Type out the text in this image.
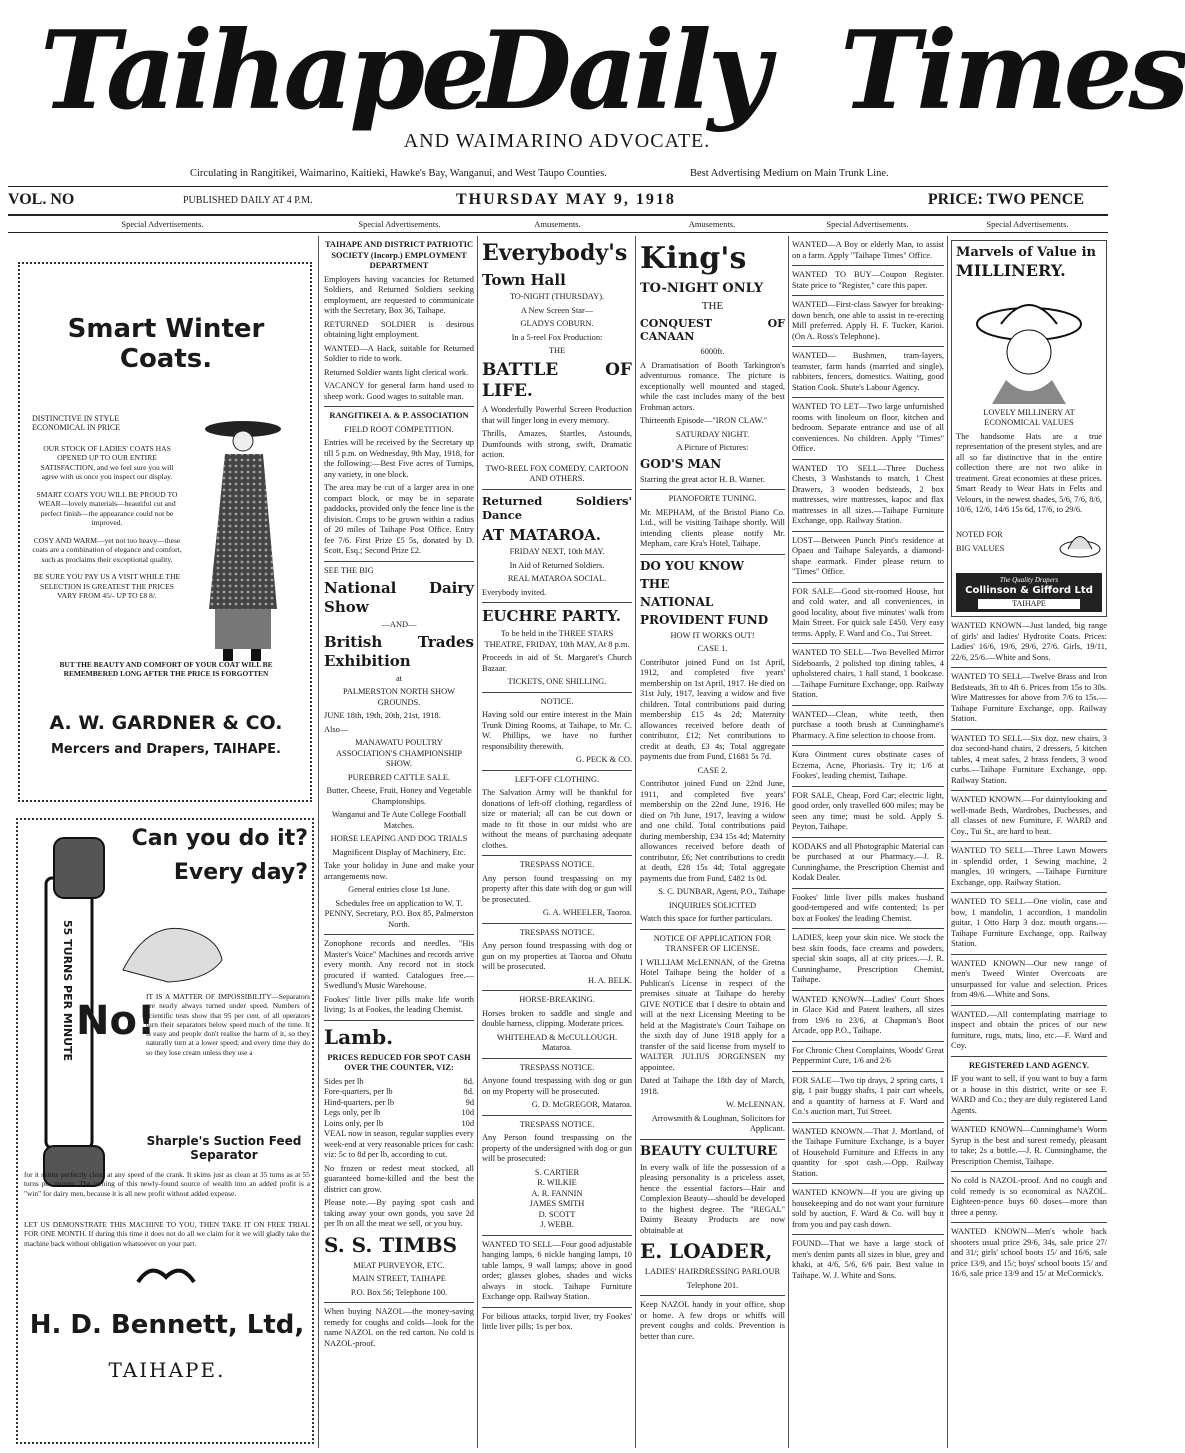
Taihape
Daily Times
AND WAIMARINO ADVOCATE.
Circulating in Rangitikei, Waimarino, Kaitieki, Hawke's Bay, Wanganui, and West Taupo Counties.	Best Advertising Medium on Main Trunk Line.
VOL. NO	PUBLISHED DAILY AT 4 P.M.	THURSDAY MAY 9, 1918	PRICE: TWO PENCE
Special Advertisements.	Special Advertisements.	Amusements.	Amusements.	Special Advertisements.	Special Advertisements.
Smart Winter Coats.
DISTINCTIVE IN STYLE ECONOMICAL IN PRICE

OUR STOCK OF LADIES' COATS HAS OPENED UP TO OUR ENTIRE SATISFACTION, and we feel sure you will agree with us once you inspect our display.

SMART COATS YOU WILL BE PROUD TO WEAR—lovely materials—beautiful cut and perfect finish—the appearance could not be improved.

COSY AND WARM—yet not too heavy—these coats are a combination of elegance and comfort, such as proclaims their exceptional quality.

BE SURE YOU PAY US A VISIT WHILE THE SELECTION IS GREATEST THE PRICES VARY FROM 45/- UP TO £8 8/.

BUT THE BEAUTY AND COMFORT OF YOUR COAT WILL BE REMEMBERED LONG AFTER THE PRICE IS FORGOTTEN
A. W. GARDNER & CO.
Mercers and Drapers, TAIHAPE.
55 TURNS PER MINUTE
Can you do it?
Every day?
No!
IT IS A MATTER OF IMPOSSIBILITY—Separators are nearly always turned under speed. Numbers of scientific tests show that 95 per cent. of all operators turn their separators below speed much of the time. It is easy and people don't realise the harm of it, so they naturally turn at a lower speed; and every time they do so they lose cream unless they use a
Sharple's Suction Feed Separator
for it skims perfectly clean at any speed of the crank. It skims just as clean at 35 turns as at 55 turns per minute. The turning of this newly-found source of wealth into an added profit is a "win" for dairy men, because it is all new profit without added expense.
LET US DEMONSTRATE THIS MACHINE TO YOU, THEN TAKE IT ON FREE TRIAL FOR ONE MONTH. If during this time it does not do all we claim for it we will gladly take the machine back without obligation whatsoever on your part.
H. D. Bennett, Ltd,
TAIHAPE.

TAIHAPE AND DISTRICT PATRIOTIC SOCIETY (Incorp.) EMPLOYMENT DEPARTMENT

Employers having vacancies for Returned Soldiers, and Returned Soldiers seeking employment, are requested to communicate with the Secretary, Box 36, Taihape.

RETURNED SOLDIER is desirous obtaining light employment.

WANTED—A Hack, suitable for Returned Soldier to ride to work.

Returned Soldier wants light clerical work.

VACANCY for general farm hand used to sheep work. Good wages to suitable man.

RANGITIKEI A. & P. ASSOCIATION

FIELD ROOT COMPETITION.

Entries will be received by the Secretary up till 5 p.m. on Wednesday, 9th May, 1918, for the following:—Best Five acres of Turnips, any variety, in one block.

The area may be cut of a larger area in one compact block, or may be in separate paddocks, provided only the fence line is the division. Crops to be grown within a radius of 20 miles of Taihape Post Office. Entry fee 7/6. First Prize £5 5s, donated by D. Scott, Esq.; Second Prize £2.

SEE THE BIG

National Dairy Show

—AND—

British Trades Exhibition

at

PALMERSTON NORTH SHOW GROUNDS.

JUNE 18th, 19th, 20th, 21st, 1918.

Also—

MANAWATU POULTRY ASSOCIATION'S CHAMPIONSHIP SHOW.

PUREBRED CATTLE SALE.

Butter, Cheese, Fruit, Honey and Vegetable Championships.

Wanganui and Te Aute College Football Matches.

HORSE LEAPING AND DOG TRIALS

Magnificent Display of Machinery, Etc.

Take your holiday in June and make your arrangements now.

General entries close 1st June.

Schedules free on application to W. T. PENNY, Secretary, P.O. Box 85, Palmerston North.

Zonophone records and needles. "His Master's Voice" Machines and records arrive every month. Any record not in stock procured if wanted. Catalogues free.—Swedlund's Music Warehouse.

Fookes' little liver pills make life worth living; 1s at Fookes, the leading Chemist.

Lamb.

PRICES REDUCED FOR SPOT CASH OVER THE COUNTER, VIZ:

Sides per lb	8d.
Fore-quarters, per lb	8d.
Hind-quarters, per lb	9d
Legs only, per lb	10d
Loins only, per lb	10d

VEAL now in season, regular supplies every week-end at very reasonable prices for cash: viz: 5c to 8d per lb, according to cut.

No frozen or redest meat stocked, all guaranteed home-killed and the best the district can grow.

Please note.—By paying spot cash and taking away your own goods, you save 2d per lb on all the meat we sell, or you buy.

S. S. TIMBS

MEAT PURVEYOR, ETC.

MAIN STREET, TAIHAPE

P.O. Box 56; Telephone 100.

When buying NAZOL—the money-saving remedy for coughs and colds—look for the name NAZOL on the red carton. No cold is NAZOL-proof.

Everybody's

Town Hall

TO-NIGHT (THURSDAY).

A New Screen Star—

GLADYS COBURN.

In a 5-reel Fox Production:

THE

BATTLE OF LIFE.

A Wonderfully Powerful Screen Production that will linger long in every memory.

Thrills, Amazes, Startles, Astounds, Dumfounds with strong, swift, Dramatic action.

TWO-REEL FOX COMEDY. CARTOON AND OTHERS.

Returned Soldiers' Dance

AT MATAROA.

FRIDAY NEXT, 10th MAY.

In Aid of Returned Soldiers.

REAL MATAROA SOCIAL.

Everybody invited.

EUCHRE PARTY.

To be held in the THREE STARS THEATRE, FRIDAY, 10th MAY, At 8 p.m.

Proceeds in aid of St. Margaret's Church Bazaar.

TICKETS, ONE SHILLING.

NOTICE.

Having sold our entire interest in the Main Trunk Dining Rooms, at Taihape, to Mr. C. W. Phillips, we have no further responsibility therewith.

G. PECK & CO.

LEFT-OFF CLOTHING.

The Salvation Army will be thankful for donations of left-off clothing, regardless of size or material; all can be cut down or made to fit those in our midst who are without the means of purchasing adequate clothes.

TRESPASS NOTICE.

Any person found trespassing on my property after this date with dog or gun will be prosecuted.

G. A. WHEELER, Taoroa.

TRESPASS NOTICE.

Any person found trespassing with dog or gun on my properties at Taoroa and Ohutu will be prosecuted.

H. A. BELK.

HORSE-BREAKING.

Horses broken to saddle and single and double harness, clipping. Moderate prices.

WHITEHEAD & McCULLOUGH. Mataroa.

TRESPASS NOTICE.

Anyone found trespassing with dog or gun on my Property will be prosecuted.

G. D. McGREGOR, Mataroa.

TRESPASS NOTICE.

Any Person found trespassing on the property of the undersigned with dog or gun will be prosecuted:

S. CARTIER

R. WILKIE

A. R. FANNIN

JAMES SMITH

D. SCOTT

J. WEBB.

WANTED TO SELL—Four good adjustable hanging lamps, 6 nickle hanging lamps, 10 table lamps, 9 wall lamps; above in good order; glasses globes, shades and wicks always in stock. Taihape Furniture Exchange opp. Railway Station.

For bilious attacks, torpid liver, try Fookes' little liver pills; 1s per box.

King's

TO-NIGHT ONLY

THE

CONQUEST OF CANAAN

6000ft.

A Dramatisation of Booth Tarkington's adventurous romance. The picture is exceptionally well mounted and staged, while the cast includes many of the best Frohman actors.

Thirteenth Episode—"IRON CLAW."

SATURDAY NIGHT.

A Picture of Pictures:

GOD'S MAN

Starring the great actor H. B. Warner.

PIANOFORTE TUNING.

Mr. MEPHAM, of the Bristol Piano Co. Ltd., will be visiting Taihape shortly. Will intending clients please notify Mr. Mepham, care Kra's Hotel, Taihape.

DO YOU KNOW

THE

NATIONAL

PROVIDENT FUND

HOW IT WORKS OUT!

CASE 1.

Contributor joined Fund on 1st April, 1912, and completed five years' membership on 1st April, 1917. He died on 31st July, 1917, leaving a widow and five children. Total contributions paid during membership £15 4s 2d; Maternity allowances received before death of contributor, £12; Net contributions to credit at death, £3 4s; Total aggregate payments due from Fund, £1681 5s 7d.

CASE 2.

Contributor joined Fund on 22nd June, 1911, and completed five years' membership on the 22nd June, 1916. He died on 7th June, 1917, leaving a widow and one child. Total contributions paid during membership, £34 15s 4d; Maternity allowances received before death of contributor, £6; Net contributions to credit at death, £28 15s 4d; Total aggregate payments due from Fund, £482 1s 0d.

S. C. DUNBAR, Agent, P.O., Taihape

INQUIRIES SOLICITED

Watch this space for further particulars.

NOTICE OF APPLICATION FOR TRANSFER OF LICENSE.

I WILLIAM McLENNAN, of the Gretna Hotel Taihape being the holder of a Publican's License in respect of the premises situate at Taihape do hereby GIVE NOTICE that I desire to obtain and will at the next Licensing Meeting to be held at the Magistrate's Court Taihape on the sixth day of June 1918 apply for a transfer of the said license from myself to WALTER JULIUS JORGENSEN my appointee.

Dated at Taihape the 18th day of March, 1918.

W. McLENNAN.

Arrowsmith & Loughnan, Solicitors for Applicant.

BEAUTY CULTURE

In every walk of life the possession of a pleasing personality is a priceless asset, hence the essential factors—Hair and Complexion Beauty—should be developed to the highest degree. The "REGAL" Dainty Beauty Products are now obtainable at

E. LOADER,

LADIES' HAIRDRESSING PARLOUR

Telephone 201.

Keep NAZOL handy in your office, shop or home. A few drops or whiffs will prevent coughs and colds. Prevention is better than cure.

WANTED—A Boy or elderly Man, to assist on a farm. Apply "Taihape Times" Office.

WANTED TO BUY—Coupon Register. State price to "Register," care this paper.

WANTED—First-class Sawyer for breaking-down bench, one able to assist in re-erecting Mill preferred. Apply H. F. Tucker, Karioi. (On A. Ross's Telephone).

WANTED— Bushmen, tram-layers, teamster, farm hands (married and single), rabbiters, fencers, domestics. Waiting, good Station Cook. Shute's Labour Agency.

WANTED TO LET—Two large unfurnished rooms with linoleum on floor, kitchen and bedroom. Separate entrance and use of all conveniences. No children. Apply "Times" Office.

WANTED TO SELL—Three Duchess Chests, 3 Washstands to match, 1 Chest Drawers, 3 wooden bedsteads, 2 box mattresses, wire mattresses, kapoc and flax mattresses in all sizes.—Taihape Furniture Exchange, opp. Railway Station.

LOST—Between Punch Pint's residence at Opaea and Taihape Saleyards, a diamond-shape earmark. Finder please return to "Times" Office.

FOR SALE—Good six-roomed House, hot and cold water, and all conveniences, in good locality, about five minutes' walk from Main Street. For quick sale £450. Very easy terms. Apply, F. Ward and Co., Tui Street.

WANTED TO SELL—Two Bevelled Mirror Sideboards, 2 polished top dining tables, 4 upholstered chairs, 1 hall stand, 1 bookcase.—Taihape Furniture Exchange, opp. Railway Station.

WANTED—Clean, white teeth, then purchase a tooth brush at Cunninghame's Pharmacy. A fine selection to choose from.

Kura Ointment cures obstinate cases of Eczema, Acne, Phoriasis. Try it; 1/6 at Fookes', leading chemist, Taihape.

FOR SALE, Cheap, Ford Car; electric light, good order, only travelled 600 miles; may be seen any time; must be sold. Apply S. Peyton, Taihape.

KODAKS and all Photographic Material can be purchased at our Pharmacy.—J. R. Cunninghame, the Prescription Chemist and Kodak Dealer.

Fookes' little liver pills makes husband good-tempered and wife contented; 1s per box at Fookes' the leading Chemist.

LADIES, keep your skin nice. We stock the best skin foods, face creams and powders, special skin soaps, all at city prices.—J. R. Cunninghame, Prescription Chemist, Taihape.

WANTED KNOWN—Ladies' Court Shoes in Glace Kid and Patent leathers, all sizes from 19/6 to 23/6, at Chapman's Boot Arcade, opp P.O., Taihape.

For Chronic Chest Complaints, Woods' Great Peppermint Cure, 1/6 and 2/6

FOR SALE—Two tip drays, 2 spring carts, 1 gig, 1 pair buggy shafts, 1 pair cart wheels, and a quantity of harness at F. Ward and Co.'s auction mart, Tui Street.

WANTED KNOWN.—That J. Mortland, of the Taihape Furniture Exchange, is a buyer of Household Furniture and Effects in any quantity for spot cash.—Opp. Railway Station.

WANTED KNOWN—If you are giving up housekeeping and do not want your furniture sold by auction, F. Ward & Co. will buy it from you and pay cash down.

FOUND—That we have a large stock of men's denim pants all sizes in blue, grey and khaki, at 4/6, 5/6, 6/6 pair. Best value in Taihape. W. J. White and Sons.

Marvels of Value in

MILLINERY.

LOVELY MILLINERY AT ECONOMICAL VALUES

The handsome Hats are a true representation of the present styles, and are all so far distinctive that in the entire collection there are not two alike in treatment. Great economies at these prices. Smart Ready to Wear Hats in Felts and Velours, in the newest shades, 5/6, 7/6, 8/6, 10/6, 12/6, 14/6 15s 6d, 17/6, to 29/6.

NOTED FOR

BIG VALUES

The Quality Drapers
Collinson & Gifford Ltd
TAIHAPE

WANTED KNOWN—Just landed, big range of girls' and ladies' Hydrotite Coats. Prices: Ladies' 16/6, 19/6, 29/6, 27/6. Girls, 19/11, 22/6, 25/6.—White and Sons.

WANTED TO SELL—Twelve Brass and Iron Bedsteads, 3ft to 4ft 6. Prices from 15s to 30s. Wire Mattresses for above from 7/6 to 15s.—Taihape Furniture Exchange, opp. Railway Station.

WANTED TO SELL—Six doz. new chairs, 3 doz second-hand chairs, 2 dressers, 5 kitchen tables, 4 meat safes, 2 brass fenders, 3 wood curbs.—Taihape Furniture Exchange, opp. Railway Station.

WANTED KNOWN.—For daintylooking and well-made Beds, Wardrobes, Duchesses, and all classes of new Furniture, F. WARD and Coy., Tui St., are hard to beat.

WANTED TO SELL—Three Lawn Mowers in splendid order, 1 Sewing machine, 2 mangles, 10 wringers, —Taihape Furniture Exchange, opp. Railway Station.

WANTED TO SELL—One violin, case and bow, 1 mandolin, 1 accordion, 1 mandolin guitar, 1 Otto Harp 3 doz. mouth organs.—Taihape Furniture Exchange, opp. Railway Station.

WANTED KNOWN—Our new range of men's Tweed Winter Overcoats are unsurpassed for value and selection. Prices from 49/6.—White and Sons.

WANTED.—All contemplating marriage to inspect and obtain the prices of our new furniture, rugs, mats, lino, etc.—F. Ward and Coy.

REGISTERED LAND AGENCY.

IF you want to sell, if you want to buy a farm or a house in this district, write or see F. WARD and Co.; they are duly registered Land Agents.

WANTED KNOWN—Cunninghame's Worm Syrup is the best and surest remedy, pleasant to take; 2s a bottle.—J. R. Cunninghame, the Prescription Chemist, Taihape.

No cold is NAZOL-proof. And no cough and cold remedy is so economical as NAZOL. Eighteen-pence buys 60 doses—more than three a penny.

WANTED KNOWN—Men's whole back shooters usual price 29/6, 34s, sale price 27/ and 31/; girls' school boots 15/ and 16/6, sale price 13/9, and 15/; boys' school boots 15/ and 16/6, sale price 13/9 and 15/ at McCormick's.
